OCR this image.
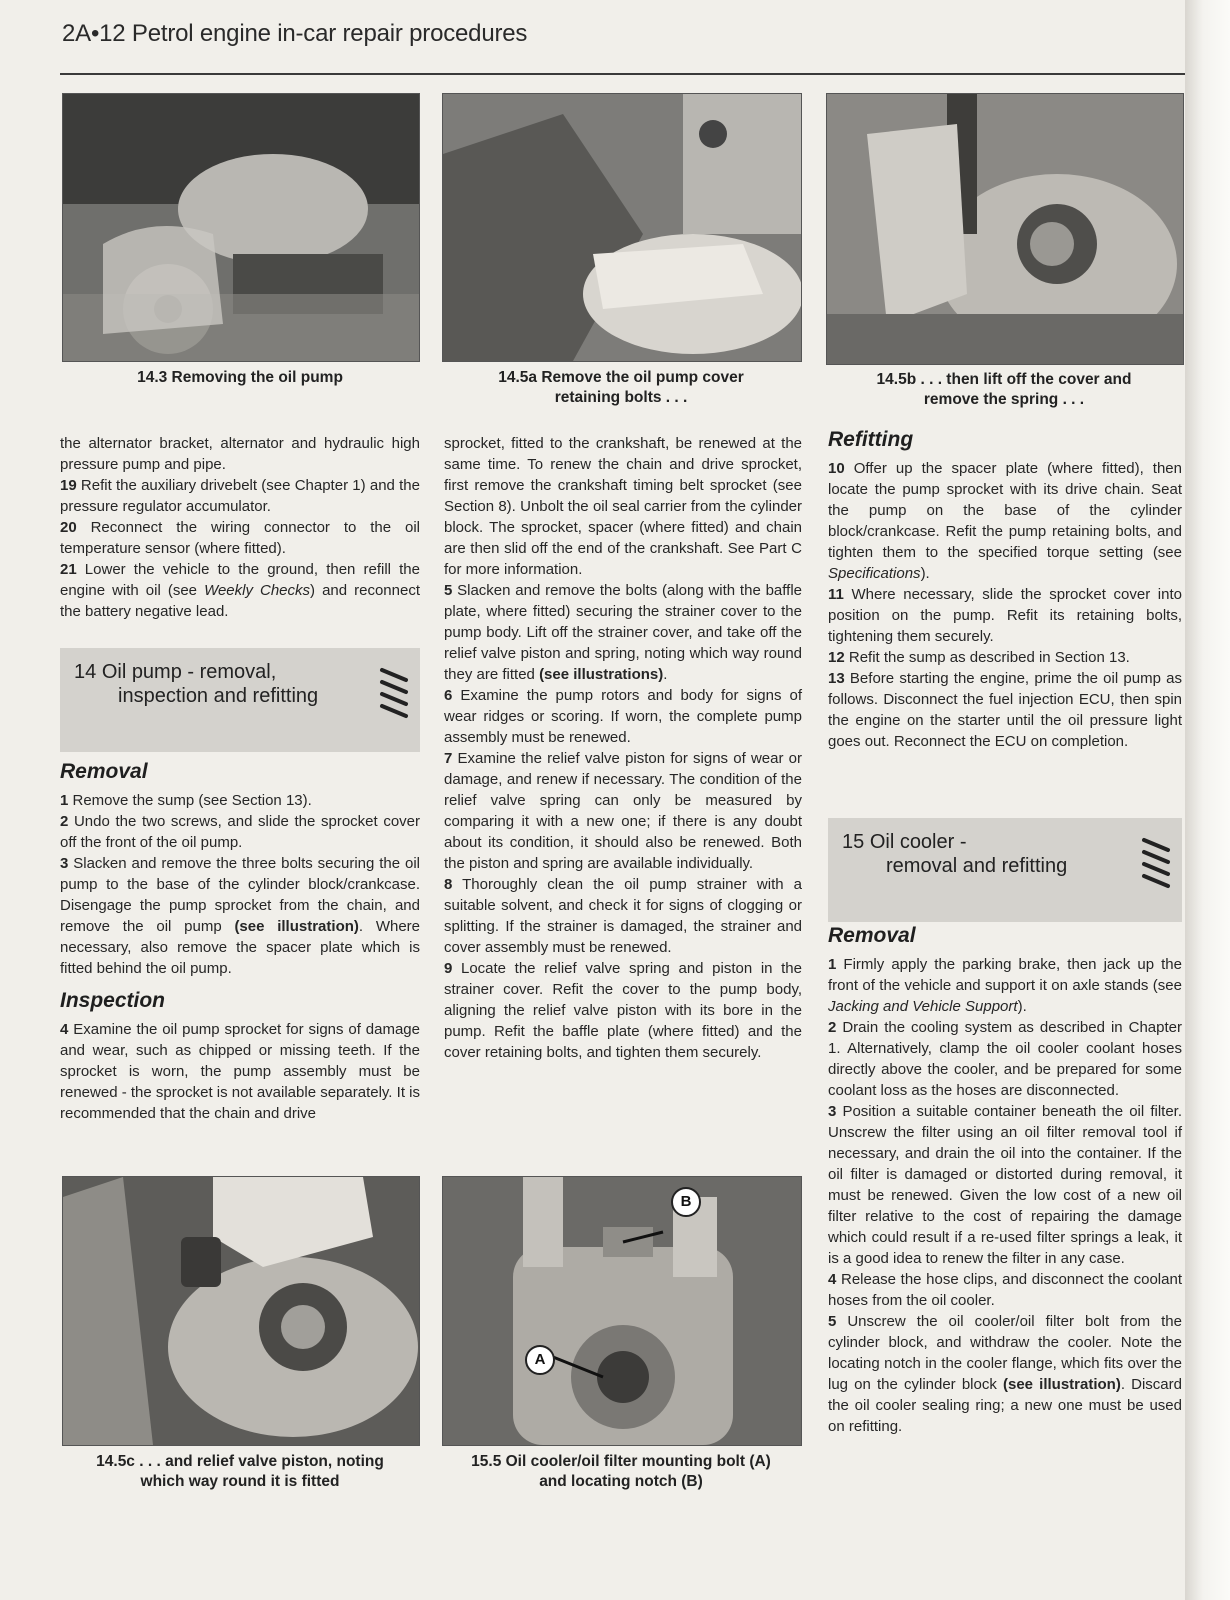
2A•12 Petrol engine in-car repair procedures
14.3 Removing the oil pump	14.5a Remove the oil pump cover
retaining bolts . . .
14.5b . . . then lift off the cover and
remove the spring . . .

the alternator bracket, alternator and hydraulic high pressure pump and pipe.

19 Refit the auxiliary drivebelt (see Chapter 1) and the pressure regulator accumulator.

20 Reconnect the wiring connector to the oil temperature sensor (where fitted).

21 Lower the vehicle to the ground, then refill the engine with oil (see Weekly Checks) and reconnect the battery negative lead.

14 Oil pump - removal,
inspection and refitting
Removal

1 Remove the sump (see Section 13).

2 Undo the two screws, and slide the sprocket cover off the front of the oil pump.

3 Slacken and remove the three bolts securing the oil pump to the base of the cylinder block/crankcase. Disengage the pump sprocket from the chain, and remove the oil pump (see illustration). Where necessary, also remove the spacer plate which is fitted behind the oil pump.

Inspection

4 Examine the oil pump sprocket for signs of damage and wear, such as chipped or missing teeth. If the sprocket is worn, the pump assembly must be renewed - the sprocket is not available separately. It is recommended that the chain and drive

sprocket, fitted to the crankshaft, be renewed at the same time. To renew the chain and drive sprocket, first remove the crankshaft timing belt sprocket (see Section 8). Unbolt the oil seal carrier from the cylinder block. The sprocket, spacer (where fitted) and chain are then slid off the end of the crankshaft. See Part C for more information.

5 Slacken and remove the bolts (along with the baffle plate, where fitted) securing the strainer cover to the pump body. Lift off the strainer cover, and take off the relief valve piston and spring, noting which way round they are fitted (see illustrations).

6 Examine the pump rotors and body for signs of wear ridges or scoring. If worn, the complete pump assembly must be renewed.

7 Examine the relief valve piston for signs of wear or damage, and renew if necessary. The condition of the relief valve spring can only be measured by comparing it with a new one; if there is any doubt about its condition, it should also be renewed. Both the piston and spring are available individually.

8 Thoroughly clean the oil pump strainer with a suitable solvent, and check it for signs of clogging or splitting. If the strainer is damaged, the strainer and cover assembly must be renewed.

9 Locate the relief valve spring and piston in the strainer cover. Refit the cover to the pump body, aligning the relief valve piston with its bore in the pump. Refit the baffle plate (where fitted) and the cover retaining bolts, and tighten them securely.

Refitting

10 Offer up the spacer plate (where fitted), then locate the pump sprocket with its drive chain. Seat the pump on the base of the cylinder block/crankcase. Refit the pump retaining bolts, and tighten them to the specified torque setting (see Specifications).

11 Where necessary, slide the sprocket cover into position on the pump. Refit its retaining bolts, tightening them securely.

12 Refit the sump as described in Section 13.

13 Before starting the engine, prime the oil pump as follows. Disconnect the fuel injection ECU, then spin the engine on the starter until the oil pressure light goes out. Reconnect the ECU on completion.

15 Oil cooler -
removal and refitting
Removal

1 Firmly apply the parking brake, then jack up the front of the vehicle and support it on axle stands (see Jacking and Vehicle Support).

2 Drain the cooling system as described in Chapter 1. Alternatively, clamp the oil cooler coolant hoses directly above the cooler, and be prepared for some coolant loss as the hoses are disconnected.

3 Position a suitable container beneath the oil filter. Unscrew the filter using an oil filter removal tool if necessary, and drain the oil into the container. If the oil filter is damaged or distorted during removal, it must be renewed. Given the low cost of a new oil filter relative to the cost of repairing the damage which could result if a re-used filter springs a leak, it is a good idea to renew the filter in any case.

4 Release the hose clips, and disconnect the coolant hoses from the oil cooler.

5 Unscrew the oil cooler/oil filter bolt from the cylinder block, and withdraw the cooler. Note the locating notch in the cooler flange, which fits over the lug on the cylinder block (see illustration). Discard the oil cooler sealing ring; a new one must be used on refitting.

14.5c . . . and relief valve piston, noting
which way round it is fitted
A
B
15.5 Oil cooler/oil filter mounting bolt (A)
and locating notch (B)
